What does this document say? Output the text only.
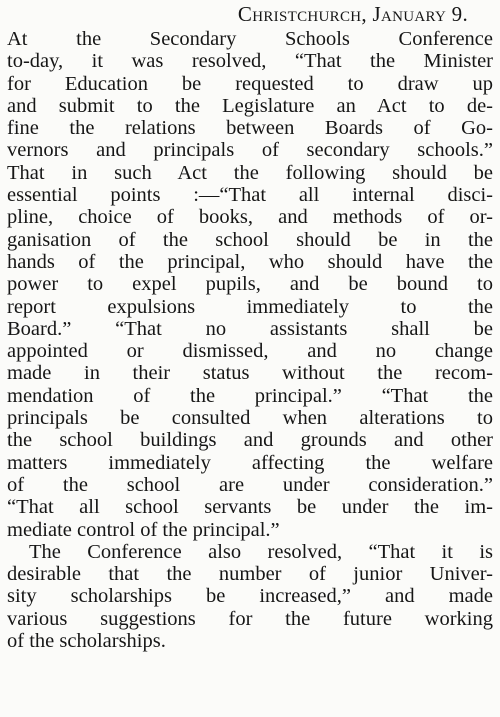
Christchurch, January 9.
At the Secondary Schools Conference
to-day, it was resolved, “That the Minister
for Education be requested to draw up
and submit to the Legislature an Act to de-
fine the relations between Boards of Go-
vernors and principals of secondary schools.”
That in such Act the following should be
essential points :—“That all internal disci-
pline, choice of books, and methods of or-
ganisation of the school should be in the
hands of the principal, who should have the
power to expel pupils, and be bound to
report expulsions immediately to the
Board.” “That no assistants shall be
appointed or dismissed, and no change
made in their status without the recom-
mendation of the principal.” “That the
principals be consulted when alterations to
the school buildings and grounds and other
matters immediately affecting the welfare
of the school are under consideration.”
“That all school servants be under the im-
mediate control of the principal.”
The Conference also resolved, “That it is
desirable that the number of junior Univer-
sity scholarships be increased,” and made
various suggestions for the future working
of the scholarships.
